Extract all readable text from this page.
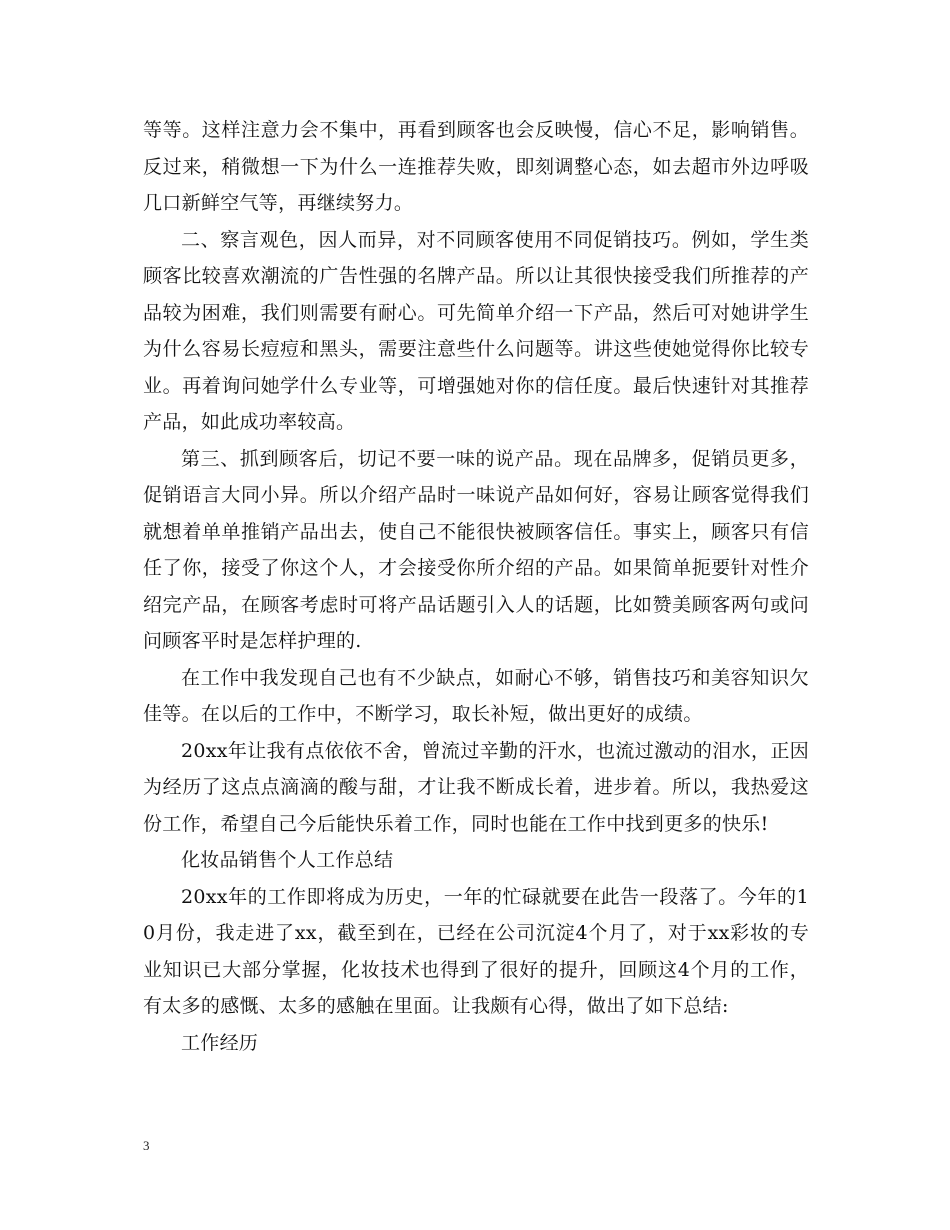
等等。这样注意力会不集中，再看到顾客也会反映慢，信心不足，影响销售。反过来，稍微想一下为什么一连推荐失败，即刻调整心态，如去超市外边呼吸几口新鲜空气等，再继续努力。

二、察言观色，因人而异，对不同顾客使用不同促销技巧。例如，学生类顾客比较喜欢潮流的广告性强的名牌产品。所以让其很快接受我们所推荐的产品较为困难，我们则需要有耐心。可先简单介绍一下产品，然后可对她讲学生为什么容易长痘痘和黑头，需要注意些什么问题等。讲这些使她觉得你比较专业。再着询问她学什么专业等，可增强她对你的信任度。最后快速针对其推荐产品，如此成功率较高。

第三、抓到顾客后，切记不要一味的说产品。现在品牌多，促销员更多，促销语言大同小异。所以介绍产品时一味说产品如何好，容易让顾客觉得我们就想着单单推销产品出去，使自己不能很快被顾客信任。事实上，顾客只有信任了你，接受了你这个人，才会接受你所介绍的产品。如果简单扼要针对性介绍完产品，在顾客考虑时可将产品话题引入人的话题，比如赞美顾客两句或问问顾客平时是怎样护理的.

在工作中我发现自己也有不少缺点，如耐心不够，销售技巧和美容知识欠佳等。在以后的工作中，不断学习，取长补短，做出更好的成绩。

20xx年让我有点依依不舍，曾流过辛勤的汗水，也流过激动的泪水，正因为经历了这点点滴滴的酸与甜，才让我不断成长着，进步着。所以，我热爱这份工作，希望自己今后能快乐着工作，同时也能在工作中找到更多的快乐!

化妆品销售个人工作总结

20xx年的工作即将成为历史，一年的忙碌就要在此告一段落了。今年的10月份，我走进了xx，截至到在，已经在公司沉淀4个月了，对于xx彩妆的专业知识已大部分掌握，化妆技术也得到了很好的提升，回顾这4个月的工作，有太多的感慨、太多的感触在里面。让我颇有心得，做出了如下总结:

工作经历

3
